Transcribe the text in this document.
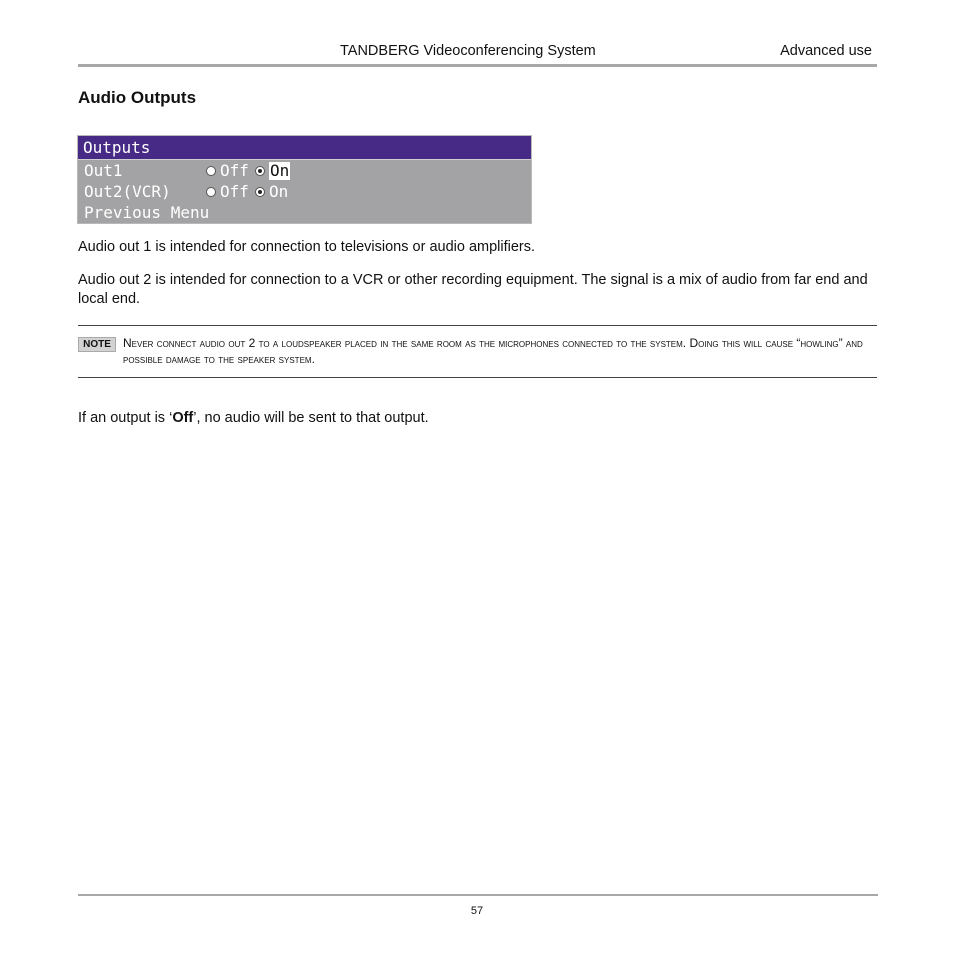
TANDBERG Videoconferencing System	Advanced use
Audio Outputs
Outputs
Out1	Off On
Out2(VCR)	Off On
Previous Menu
Audio out 1 is intended for connection to televisions or audio amplifiers.
Audio out 2 is intended for connection to a VCR or other recording equipment. The signal is a mix of audio from far end and local end.
NOTE	Never connect audio out 2 to a loudspeaker placed in the same room as the microphones connected to the system. Doing this will cause “howling” and possible damage to the speaker system.
If an output is ‘Off’, no audio will be sent to that output.
57
